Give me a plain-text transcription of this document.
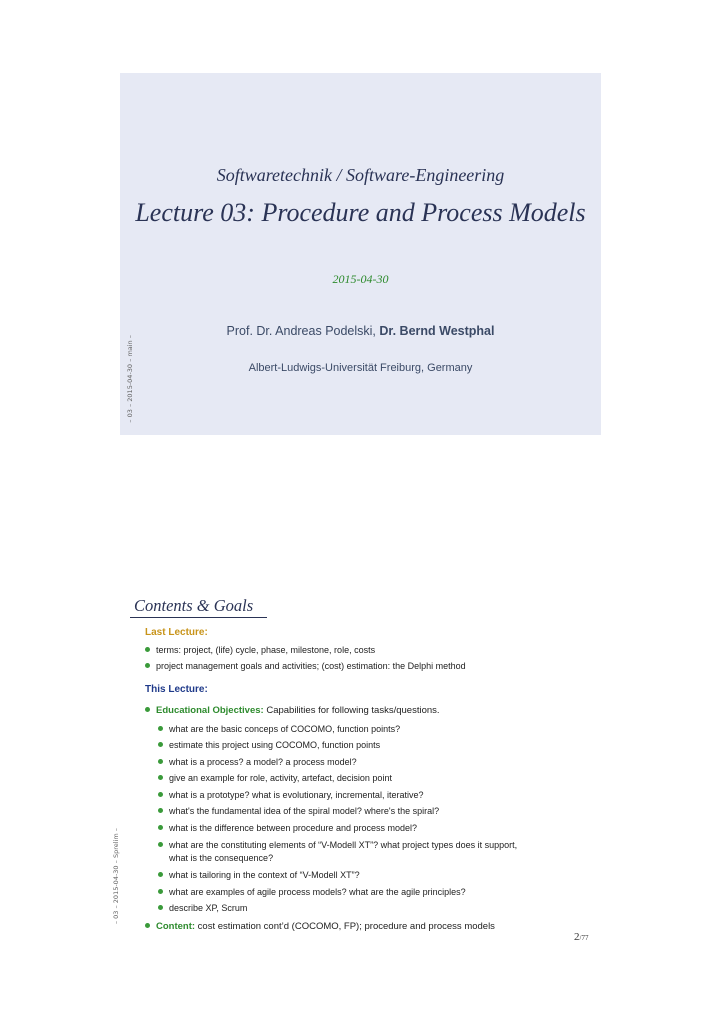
– 03 – 2015-04-30 – main –
Softwaretechnik / Software-Engineering
Lecture 03: Procedure and Process Models
2015-04-30
Prof. Dr. Andreas Podelski, Dr. Bernd Westphal
Albert-Ludwigs-Universität Freiburg, Germany
– 03 – 2015-04-30 – Sprelim –
Contents & Goals
Last Lecture:
terms: project, (life) cycle, phase, milestone, role, costs
project management goals and activities; (cost) estimation: the Delphi method
This Lecture:
Educational Objectives: Capabilities for following tasks/questions.
what are the basic conceps of COCOMO, function points?
estimate this project using COCOMO, function points
what is a process? a model? a process model?
give an example for role, activity, artefact, decision point
what is a prototype? what is evolutionary, incremental, iterative?
what's the fundamental idea of the spiral model? where's the spiral?
what is the difference between procedure and process model?
what are the constituting elements of “V-Modell XT”? what project types does it support,
what is the consequence?
what is tailoring in the context of “V-Modell XT”?
what are examples of agile process models? what are the agile principles?
describe XP, Scrum
Content: cost estimation cont’d (COCOMO, FP); procedure and process models
2/77
